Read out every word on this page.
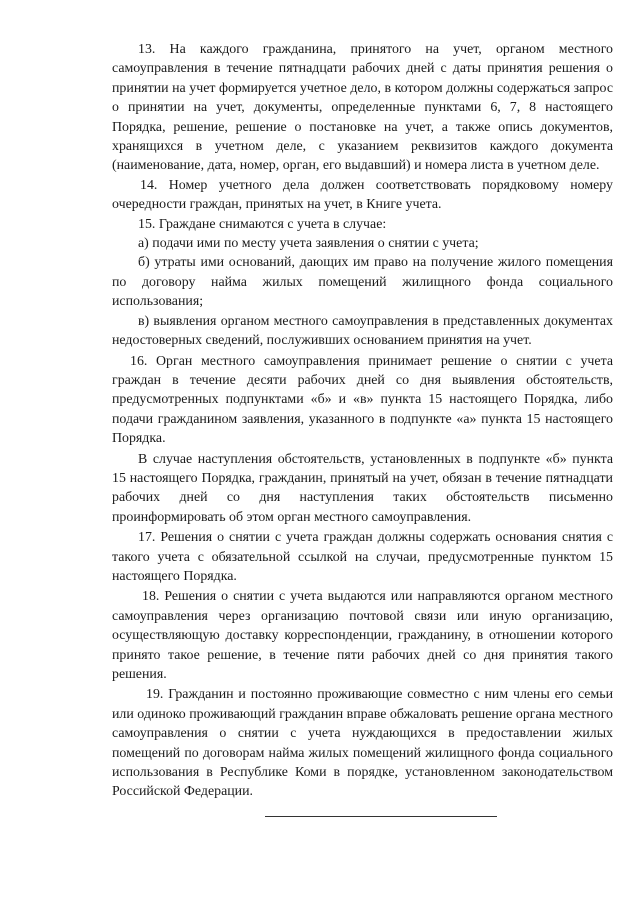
13. На каждого гражданина, принятого на учет, органом местного самоуправления в течение пятнадцати рабочих дней с даты принятия решения о принятии на учет формируется учетное дело, в котором должны содержаться запрос о принятии на учет, документы, определенные пунктами 6, 7, 8 настоящего Порядка, решение, решение о постановке на учет, а также опись документов, хранящихся в учетном деле, с указанием реквизитов каждого документа (наименование, дата, номер, орган, его выдавший) и номера листа в учетном деле.

14. Номер учетного дела должен соответствовать порядковому номеру очередности граждан, принятых на учет, в Книге учета.

15. Граждане снимаются с учета в случае:

а) подачи ими по месту учета заявления о снятии с учета;

б) утраты ими оснований, дающих им право на получение жилого помещения по договору найма жилых помещений жилищного фонда социального использования;

в) выявления органом местного самоуправления в представленных документах недостоверных сведений, послуживших основанием принятия на учет.

16. Орган местного самоуправления принимает решение о снятии с учета граждан в течение десяти рабочих дней со дня выявления обстоятельств, предусмотренных подпунктами «б» и «в» пункта 15 настоящего Порядка, либо подачи гражданином заявления, указанного в подпункте «а» пункта 15 настоящего Порядка.

В случае наступления обстоятельств, установленных в подпункте «б» пункта 15 настоящего Порядка, гражданин, принятый на учет, обязан в течение пятнадцати рабочих дней со дня наступления таких обстоятельств письменно проинформировать об этом орган местного самоуправления.

17. Решения о снятии с учета граждан должны содержать основания снятия с такого учета с обязательной ссылкой на случаи, предусмотренные пунктом 15 настоящего Порядка.

18. Решения о снятии с учета выдаются или направляются органом местного самоуправления через организацию почтовой связи или иную организацию, осуществляющую доставку корреспонденции, гражданину, в отношении которого принято такое решение, в течение пяти рабочих дней со дня принятия такого решения.

19. Гражданин и постоянно проживающие совместно с ним члены его семьи или одиноко проживающий гражданин вправе обжаловать решение органа местного самоуправления о снятии с учета нуждающихся в предоставлении жилых помещений по договорам найма жилых помещений жилищного фонда социального использования в Республике Коми в порядке, установленном законодательством Российской Федерации.
